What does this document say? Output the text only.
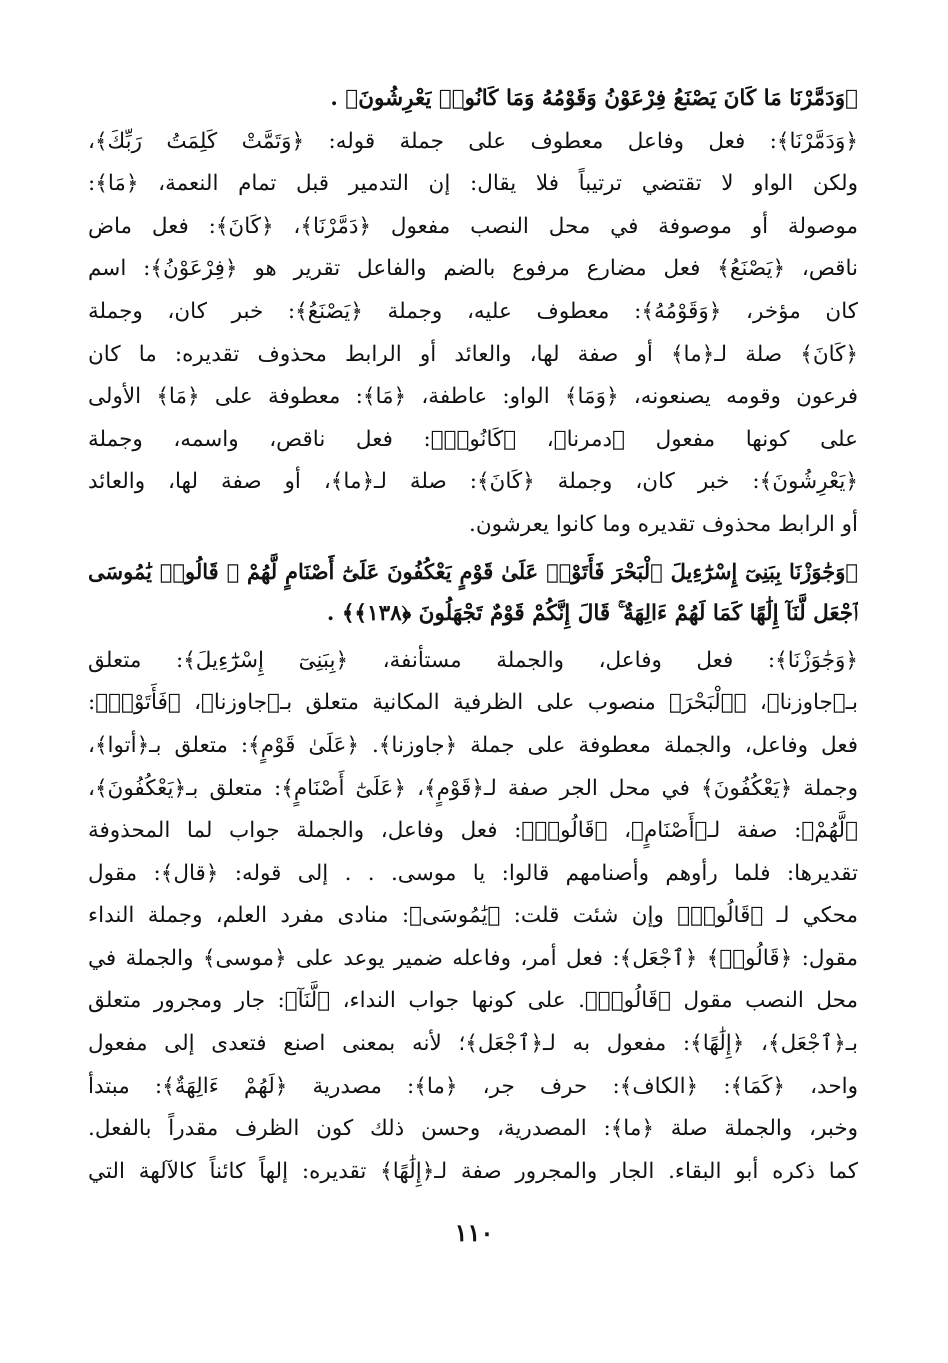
﴿وَدَمَّرْنَا مَا كَانَ يَصْنَعُ فِرْعَوْنُ وَقَوْمُهُ وَمَا كَانُوا۟ يَعْرِشُونَ﴾ .
﴿وَدَمَّرْنَا﴾: فعل وفاعل معطوف على جملة قوله: ﴿وَتَمَّتْ كَلِمَتُ رَبِّكَ﴾،
ولكن الواو لا تقتضي ترتيباً فلا يقال: إن التدمير قبل تمام النعمة، ﴿مَا﴾:
موصولة أو موصوفة في محل النصب مفعول ﴿دَمَّرْنَا﴾، ﴿كَانَ﴾: فعل ماض
ناقص، ﴿يَصْنَعُ﴾ فعل مضارع مرفوع بالضم والفاعل تقرير هو ﴿فِرْعَوْنُ﴾: اسم
كان مؤخر، ﴿وَقَوْمُهُ﴾: معطوف عليه، وجملة ﴿يَصْنَعُ﴾: خبر كان، وجملة
﴿كَانَ﴾ صلة لـ﴿ما﴾ أو صفة لها، والعائد أو الرابط محذوف تقديره: ما كان
فرعون وقومه يصنعونه، ﴿وَمَا﴾ الواو: عاطفة، ﴿مَا﴾: معطوفة على ﴿مَا﴾ الأولى
على كونها مفعول ﴿دمرنا﴾، ﴿كَانُوا۟﴾: فعل ناقص، واسمه، وجملة
﴿يَعْرِشُونَ﴾: خبر كان، وجملة ﴿كَانَ﴾: صلة لـ﴿ما﴾، أو صفة لها، والعائد
أو الرابط محذوف تقديره وما كانوا يعرشون.
﴿وَجَٰوَزْنَا بِبَنِىٓ إِسْرَٰٓءِيلَ ٱلْبَحْرَ فَأَتَوْا۟ عَلَىٰ قَوْمٍ يَعْكُفُونَ عَلَىٰٓ أَصْنَامٍ لَّهُمْ ۚ قَالُوا۟ يَٰمُوسَى
ٱجْعَل لَّنَآ إِلَٰهًا كَمَا لَهُمْ ءَالِهَةٌ ۚ قَالَ إِنَّكُمْ قَوْمٌ تَجْهَلُونَ ﴿١٣٨﴾﴾ .
﴿وَجَٰوَزْنَا﴾: فعل وفاعل، والجملة مستأنفة، ﴿بِبَنِىٓ إِسْرَٰٓءِيلَ﴾: متعلق
بـ﴿جاوزنا﴾، ﴿ٱلْبَحْرَ﴾ منصوب على الظرفية المكانية متعلق بـ﴿جاوزنا﴾، ﴿فَأَتَوْا۟﴾:
فعل وفاعل، والجملة معطوفة على جملة ﴿جاوزنا﴾. ﴿عَلَىٰ قَوْمٍ﴾: متعلق بـ﴿أتوا﴾،
وجملة ﴿يَعْكُفُونَ﴾ في محل الجر صفة لـ﴿قَوْمٍ﴾، ﴿عَلَىٰٓ أَصْنَامٍ﴾: متعلق بـ﴿يَعْكُفُونَ﴾،
﴿لَّهُمْ﴾: صفة لـ﴿أَصْنَامٍ﴾، ﴿قَالُوا۟﴾: فعل وفاعل، والجملة جواب لما المحذوفة
تقديرها: فلما رأوهم وأصنامهم قالوا: يا موسى. . . إلى قوله: ﴿قال﴾: مقول
محكي لـ ﴿قَالُوا۟﴾ وإن شئت قلت: ﴿يَٰمُوسَى﴾: منادى مفرد العلم، وجملة النداء
مقول: ﴿قَالُوا۟﴾ ﴿ٱجْعَل﴾: فعل أمر، وفاعله ضمير يوعد على ﴿موسى﴾ والجملة في
محل النصب مقول ﴿قَالُوا۟﴾. على كونها جواب النداء، ﴿لَّنَآ﴾: جار ومجرور متعلق
بـ﴿ٱجْعَل﴾، ﴿إِلَٰهًا﴾: مفعول به لـ﴿ٱجْعَل﴾؛ لأنه بمعنى اصنع فتعدى إلى مفعول
واحد، ﴿كَمَا﴾: ﴿الكاف﴾: حرف جر، ﴿ما﴾: مصدرية ﴿لَهُمْ ءَالِهَةٌ﴾: مبتدأ
وخبر، والجملة صلة ﴿ما﴾: المصدرية، وحسن ذلك كون الظرف مقدراً بالفعل.
كما ذكره أبو البقاء. الجار والمجرور صفة لـ﴿إِلَٰهًا﴾ تقديره: إلهاً كائناً كالآلهة التي
١١٠
